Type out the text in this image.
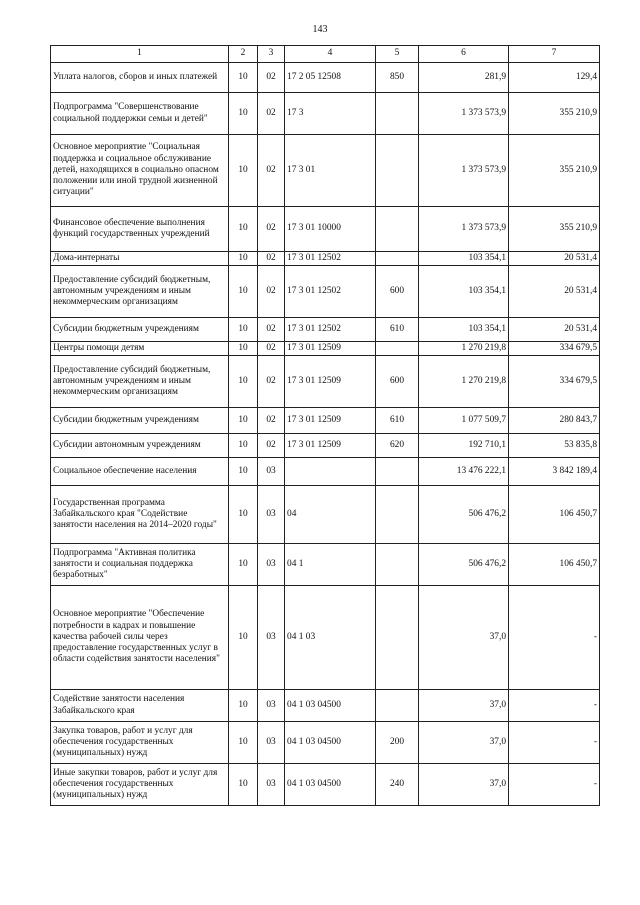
143
1	2	3	4	5	6	7
Уплата налогов, сборов и иных платежей	10	02	17 2 05 12508	850	281,9	129,4
Подпрограмма "Совершенствование социальной поддержки семьи и детей"	10	02	17 3		1 373 573,9	355 210,9
Основное мероприятие "Социальная поддержка и социальное обслуживание детей, находящихся в социально опасном положении или иной трудной жизненной ситуации"	10	02	17 3 01		1 373 573,9	355 210,9
Финансовое обеспечение выполнения функций государственных учреждений	10	02	17 3 01 10000		1 373 573,9	355 210,9
Дома-интернаты	10	02	17 3 01 12502		103 354,1	20 531,4
Предоставление субсидий бюджетным, автономным учреждениям и иным некоммерческим организациям	10	02	17 3 01 12502	600	103 354,1	20 531,4
Субсидии бюджетным учреждениям	10	02	17 3 01 12502	610	103 354,1	20 531,4
Центры помощи детям	10	02	17 3 01 12509		1 270 219,8	334 679,5
Предоставление субсидий бюджетным, автономным учреждениям и иным некоммерческим организациям	10	02	17 3 01 12509	600	1 270 219,8	334 679,5
Субсидии бюджетным учреждениям	10	02	17 3 01 12509	610	1 077 509,7	280 843,7
Субсидии автономным учреждениям	10	02	17 3 01 12509	620	192 710,1	53 835,8
Социальное обеспечение населения	10	03			13 476 222,1	3 842 189,4
Государственная программа Забайкальского края "Содействие занятости населения на 2014–2020 годы"	10	03	04		506 476,2	106 450,7
Подпрограмма "Активная политика занятости и социальная поддержка безработных"	10	03	04 1		506 476,2	106 450,7
Основное мероприятие "Обеспечение потребности в кадрах и повышение качества рабочей силы через предоставление государственных услуг в области содействия занятости населения"	10	03	04 1 03		37,0	-
Содействие занятости населения Забайкальского края	10	03	04 1 03 04500		37,0	-
Закупка товаров, работ и услуг для обеспечения государственных (муниципальных) нужд	10	03	04 1 03 04500	200	37,0	-
Иные закупки товаров, работ и услуг для обеспечения государственных (муниципальных) нужд	10	03	04 1 03 04500	240	37,0	-
